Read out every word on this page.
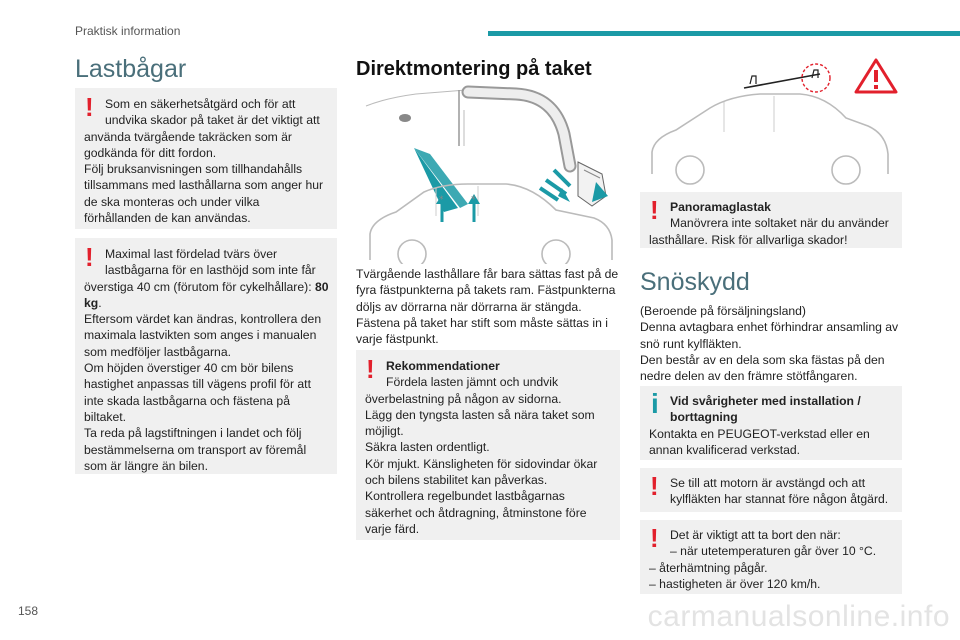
Praktisk information
Lastbågar
! Som en säkerhetsåtgärd och för att

undvika skador på taket är det viktigt att

använda tvärgående takräcken som är godkända för ditt fordon.

Följ bruksanvisningen som tillhandahålls tillsammans med lasthållarna som anger hur de ska monteras och under vilka förhållanden de kan användas.

! Maximal last fördelad tvärs över

lastbågarna för en lasthöjd som inte får

överstiga 40 cm (förutom för cykelhållare): 80 kg.

Eftersom värdet kan ändras, kontrollera den maximala lastvikten som anges i manualen som medföljer lastbågarna.

Om höjden överstiger 40 cm bör bilens hastighet anpassas till vägens profil för att inte skada lastbågarna och fästena på biltaket.

Ta reda på lagstiftningen i landet och följ bestämmelserna om transport av föremål som är längre än bilen.

Direktmontering på taket
*	*

Tvärgående lasthållare får bara sättas fast på de fyra fästpunkterna på takets ram. Fästpunkterna döljs av dörrarna när dörrarna är stängda. Fästena på taket har stift som måste sättas in i varje fästpunkt.

! Rekommendationer

Fördela lasten jämnt och undvik

överbelastning på någon av sidorna.

Lägg den tyngsta lasten så nära taket som möjligt.

Säkra lasten ordentligt.

Kör mjukt. Känsligheten för sidovindar ökar och bilens stabilitet kan påverkas.

Kontrollera regelbundet lastbågarnas säkerhet och åtdragning, åtminstone före varje färd.

! Panoramaglastak

Manövrera inte soltaket när du använder

lasthållare. Risk för allvarliga skador!

Snöskydd

(Beroende på försäljningsland)

Denna avtagbara enhet förhindrar ansamling av snö runt kylfläkten.

Den består av en dela som ska fästas på den nedre delen av den främre stötfångaren.

i Vid svårigheter med installation /

borttagning

Kontakta en PEUGEOT-verkstad eller en annan kvalificerad verkstad.

! Se till att motorn är avstängd och att

kylfläkten har stannat före någon åtgärd.

! Det är viktigt att ta bort den när:

– när utetemperaturen går över 10 °C.

– återhämtning pågår.

– hastigheten är över 120 km/h.

158	carmanualsonline.info
